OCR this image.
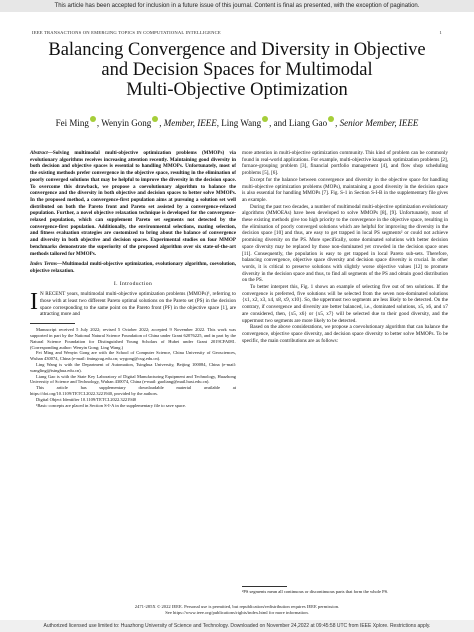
This article has been accepted for inclusion in a future issue of this journal. Content is final as presented, with the exception of pagination.
IEEE TRANSACTIONS ON EMERGING TOPICS IN COMPUTATIONAL INTELLIGENCE	1
Balancing Convergence and Diversity in Objective
and Decision Spaces for Multimodal
Multi-Objective Optimization
Fei Ming , Wenyin Gong , Member, IEEE, Ling Wang , and Liang Gao , Senior Member, IEEE

Abstract—Solving multimodal multi-objective optimization problems (MMOPs) via evolutionary algorithms receives increasing attention recently. Maintaining good diversity in both decision and objective spaces is essential to handling MMOPs. Unfortunately, most of the existing methods prefer convergence in the objective space, resulting in the elimination of poorly converged solutions that may be helpful to improve the diversity in the decision space. To overcome this drawback, we propose a coevolutionary algorithm to balance the convergence and the diversity in both objective and decision spaces to better solve MMOPs. In the proposed method, a convergence-first population aims at pursuing a solution set well distributed on both the Pareto front and Pareto set assisted by a convergence-relaxed population. Further, a novel objective relaxation technique is developed for the convergence-relaxed population, which can supplement Pareto set segments not detected by the convergence-first population. Additionally, the environmental selections, mating selection, and fitness evaluation strategies are customized to bring about the balance of convergence and diversity in both objective and decision spaces. Experimental studies on four MMOP benchmarks demonstrate the superiority of the proposed algorithm over six state-of-the-art methods tailored for MMOPs.

Index Terms—Multimodal multi-objective optimization, evolutionary algorithm, coevolution, objective relaxation.

I. Introduction

I N RECENT years, multimodal multi-objective optimization problems (MMOPs)¹, referring to those with at least two different Pareto optimal solutions on the Pareto set (PS) in the decision space corresponding to the same point on the Pareto front (PF) in the objective space [1], are attracting more and

Manuscript received 5 July 2022; revised 5 October 2022; accepted 9 November 2022. This work was supported in part by the National Natural Science Foundation of China under Grant 62076225, and in part by the Natural Science Foundation for Distinguished Young Scholars of Hubei under Grant 2019CFA081. (Corresponding author: Wenyin Gong; Ling Wang.)

Fei Ming and Wenyin Gong are with the School of Computer Science, China University of Geosciences, Wuhan 430074, China (e-mail: fmingcug.edu.cn; wygong@cug.edu.cn).

Ling Wang is with the Department of Automation, Tsinghua University, Beijing 100084, China (e-mail: wangling@tsinghua.edu.cn).

Liang Gao is with the State Key Laboratory of Digital Manufacturing Equipment and Technology, Huazhong University of Science and Technology, Wuhan 430074, China (e-mail: gaoliang@mail.hust.edu.cn).

This article has supplementary downloadable material available at https://doi.org/10.1109/TETCI.2022.3221940, provided by the authors.

Digital Object Identifier 10.1109/TETCI.2022.3221940

¹Basic concepts are placed in Section S-I-A in the supplementary file to save space.

more attention in multi-objective optimization community. This kind of problem can be commonly found in real-world applications. For example, multi-objective knapsack optimization problems [2], furnace-grouping problem [3], financial portfolio management [4], and flow shop scheduling problems [5], [6].

Except for the balance between convergence and diversity in the objective space for handling multi-objective optimization problems (MOPs), maintaining a good diversity in the decision space is also essential for handling MMOPs [7]. Fig. S-1 in Section S-I-B in the supplementary file gives an example.

During the past two decades, a number of multimodal multi-objective optimization evolutionary algorithms (MMOEAs) have been developed to solve MMOPs [8], [9]. Unfortunately, most of these existing methods give too high priority to the convergence in the objective space, resulting in the elimination of poorly converged solutions which are helpful for improving the diversity in the decision space [10] and thus, are easy to get trapped in local PS segments² or could not achieve promising diversity on the PS. More specifically, some dominated solutions with better decision space diversity may be replaced by those non-dominated yet crowded in the decision space ones [11]. Consequently, the population is easy to get trapped in local Pareto sub-sets. Therefore, balancing convergence, objective space diversity and decision space diversity is crucial. In other words, it is critical to preserve solutions with slightly worse objective values [12] to promote diversity in the decision space and thus, to find all segments of the PS and obtain good distribution on the PS.

To better interpret this, Fig. 1 shows an example of selecting five out of ten solutions. If the convergence is preferred, five solutions will be selected from the seven non-dominated solutions {x1, x2, x3, x4, x8, x9, x10}. So, the uppermost two segments are less likely to be detected. On the contrary, if convergence and diversity are better balanced, i.e., dominated solutions, x5, x6, and x7 are considered, then, {x5, x6} or {x5, x7} will be selected due to their good diversity, and the uppermost two segments are more likely to be detected.

Based on the above considerations, we propose a coevolutionary algorithm that can balance the convergence, objective space diversity, and decision space diversity to better solve MMOPs. To be specific, the main contributions are as follows:

²PS segments mean all continuous or discontinuous parts that form the whole PS.
2471-285X © 2022 IEEE. Personal use is permitted, but republication/redistribution requires IEEE permission.
See https://www.ieee.org/publications/rights/index.html for more information.
Authorized licensed use limited to: Huazhong University of Science and Technology. Downloaded on November 24,2022 at 09:45:58 UTC from IEEE Xplore. Restrictions apply.
